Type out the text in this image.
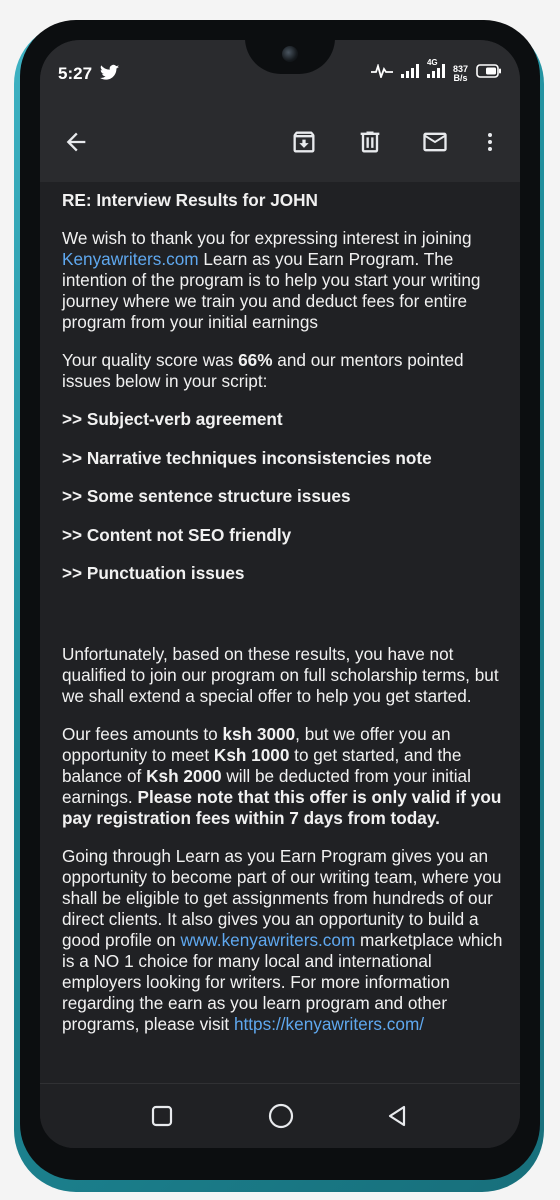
5:27
4G
837
B/s

RE: Interview Results for JOHN

We wish to thank you for expressing interest in joining Kenyawriters.com Learn as you Earn Program. The intention of the program is to help you start your writing journey where we train you and deduct fees for entire program from your initial earnings

Your quality score was 66% and our mentors pointed issues below in your script:

>> Subject-verb agreement

>> Narrative techniques inconsistencies note

>> Some sentence structure issues

>> Content not SEO friendly

>> Punctuation issues

Unfortunately, based on these results, you have not qualified to join our program on full scholarship terms, but we shall extend a special offer to help you get started.

Our fees amounts to ksh 3000, but we offer you an opportunity to meet Ksh 1000 to get started, and the balance of Ksh 2000 will be deducted from your initial earnings. Please note that this offer is only valid if you pay registration fees within 7 days from today.

Going through Learn as you Earn Program gives you an opportunity to become part of our writing team, where you shall be eligible to get assignments from hundreds of our direct clients. It also gives you an opportunity to build a good profile on www.kenyawriters.com marketplace which is a NO 1 choice for many local and international employers looking for writers. For more information regarding the earn as you learn program and other programs, please visit https://kenyawriters.com/
